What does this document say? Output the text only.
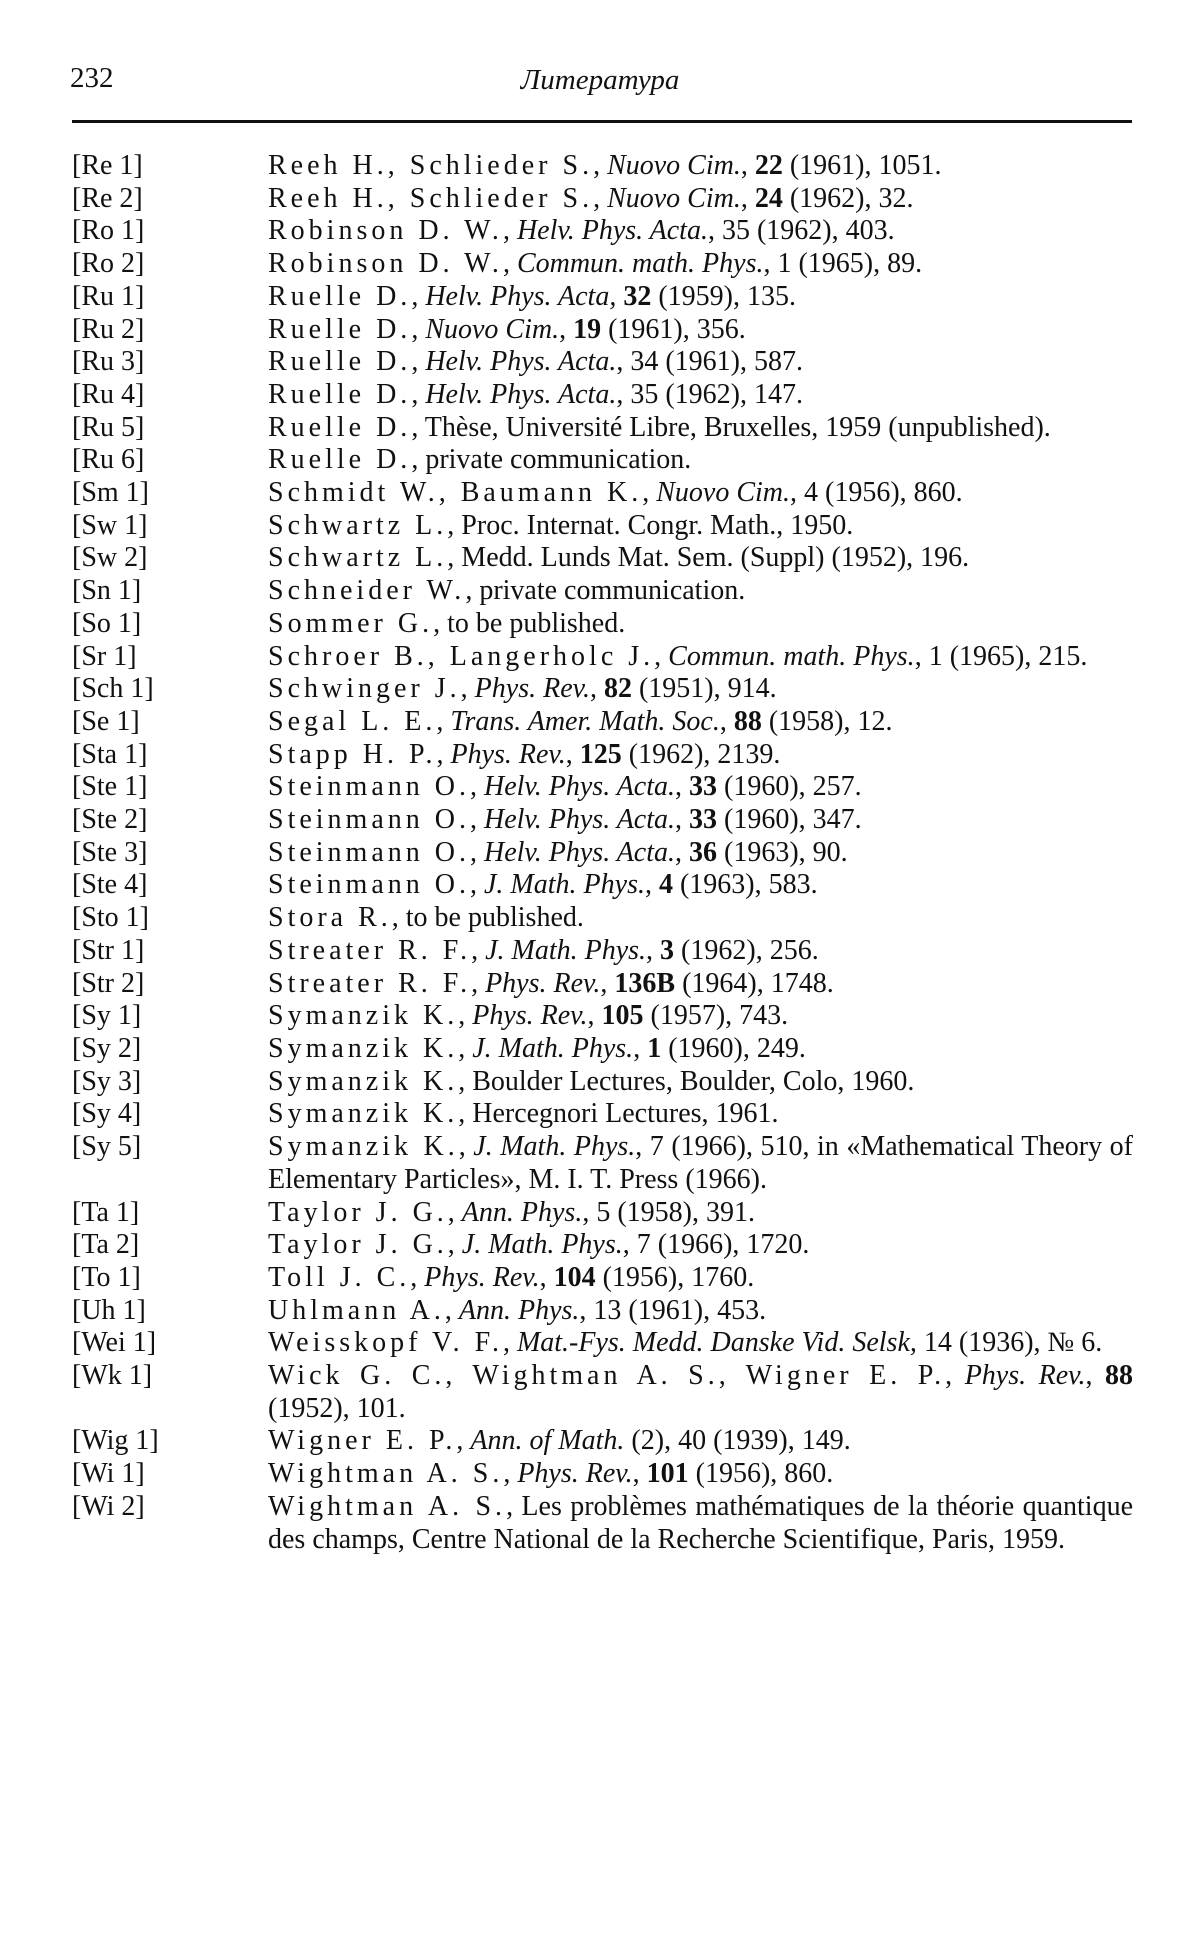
232	Литература
[Re 1]	Reeh H., Schlieder S., Nuovo Cim., 22 (1961), 1051.
[Re 2]	Reeh H., Schlieder S., Nuovo Cim., 24 (1962), 32.
[Ro 1]	Robinson D. W., Helv. Phys. Acta., 35 (1962), 403.
[Ro 2]	Robinson D. W., Commun. math. Phys., 1 (1965), 89.
[Ru 1]	Ruelle D., Helv. Phys. Acta, 32 (1959), 135.
[Ru 2]	Ruelle D., Nuovo Cim., 19 (1961), 356.
[Ru 3]	Ruelle D., Helv. Phys. Acta., 34 (1961), 587.
[Ru 4]	Ruelle D., Helv. Phys. Acta., 35 (1962), 147.
[Ru 5]	Ruelle D., Thèse, Université Libre, Bruxelles, 1959 (unpublished).
[Ru 6]	Ruelle D., private communication.
[Sm 1]	Schmidt W., Baumann K., Nuovo Cim., 4 (1956), 860.
[Sw 1]	Schwartz L., Proc. Internat. Congr. Math., 1950.
[Sw 2]	Schwartz L., Medd. Lunds Mat. Sem. (Suppl) (1952), 196.
[Sn 1]	Schneider W., private communication.
[So 1]	Sommer G., to be published.
[Sr 1]	Schroer B., Langerholc J., Commun. math. Phys., 1 (1965), 215.
[Sch 1]	Schwinger J., Phys. Rev., 82 (1951), 914.
[Se 1]	Segal L. E., Trans. Amer. Math. Soc., 88 (1958), 12.
[Sta 1]	Stapp H. P., Phys. Rev., 125 (1962), 2139.
[Ste 1]	Steinmann O., Helv. Phys. Acta., 33 (1960), 257.
[Ste 2]	Steinmann O., Helv. Phys. Acta., 33 (1960), 347.
[Ste 3]	Steinmann O., Helv. Phys. Acta., 36 (1963), 90.
[Ste 4]	Steinmann O., J. Math. Phys., 4 (1963), 583.
[Sto 1]	Stora R., to be published.
[Str 1]	Streater R. F., J. Math. Phys., 3 (1962), 256.
[Str 2]	Streater R. F., Phys. Rev., 136B (1964), 1748.
[Sy 1]	Symanzik K., Phys. Rev., 105 (1957), 743.
[Sy 2]	Symanzik K., J. Math. Phys., 1 (1960), 249.
[Sy 3]	Symanzik K., Boulder Lectures, Boulder, Colo, 1960.
[Sy 4]	Symanzik K., Hercegnori Lectures, 1961.
[Sy 5]	Symanzik K., J. Math. Phys., 7 (1966), 510, in «Mathematical Theory of Elementary Particles», M. I. T. Press (1966).
[Ta 1]	Taylor J. G., Ann. Phys., 5 (1958), 391.
[Ta 2]	Taylor J. G., J. Math. Phys., 7 (1966), 1720.
[To 1]	Toll J. C., Phys. Rev., 104 (1956), 1760.
[Uh 1]	Uhlmann A., Ann. Phys., 13 (1961), 453.
[Wei 1]	Weisskopf V. F., Mat.-Fys. Medd. Danske Vid. Selsk, 14 (1936), № 6.
[Wk 1]	Wick G. C., Wightman A. S., Wigner E. P., Phys. Rev., 88 (1952), 101.
[Wig 1]	Wigner E. P., Ann. of Math. (2), 40 (1939), 149.
[Wi 1]	Wightman A. S., Phys. Rev., 101 (1956), 860.
[Wi 2]	Wightman A. S., Les problèmes mathématiques de la théorie quantique des champs, Centre National de la Recherche Scientifique, Paris, 1959.
